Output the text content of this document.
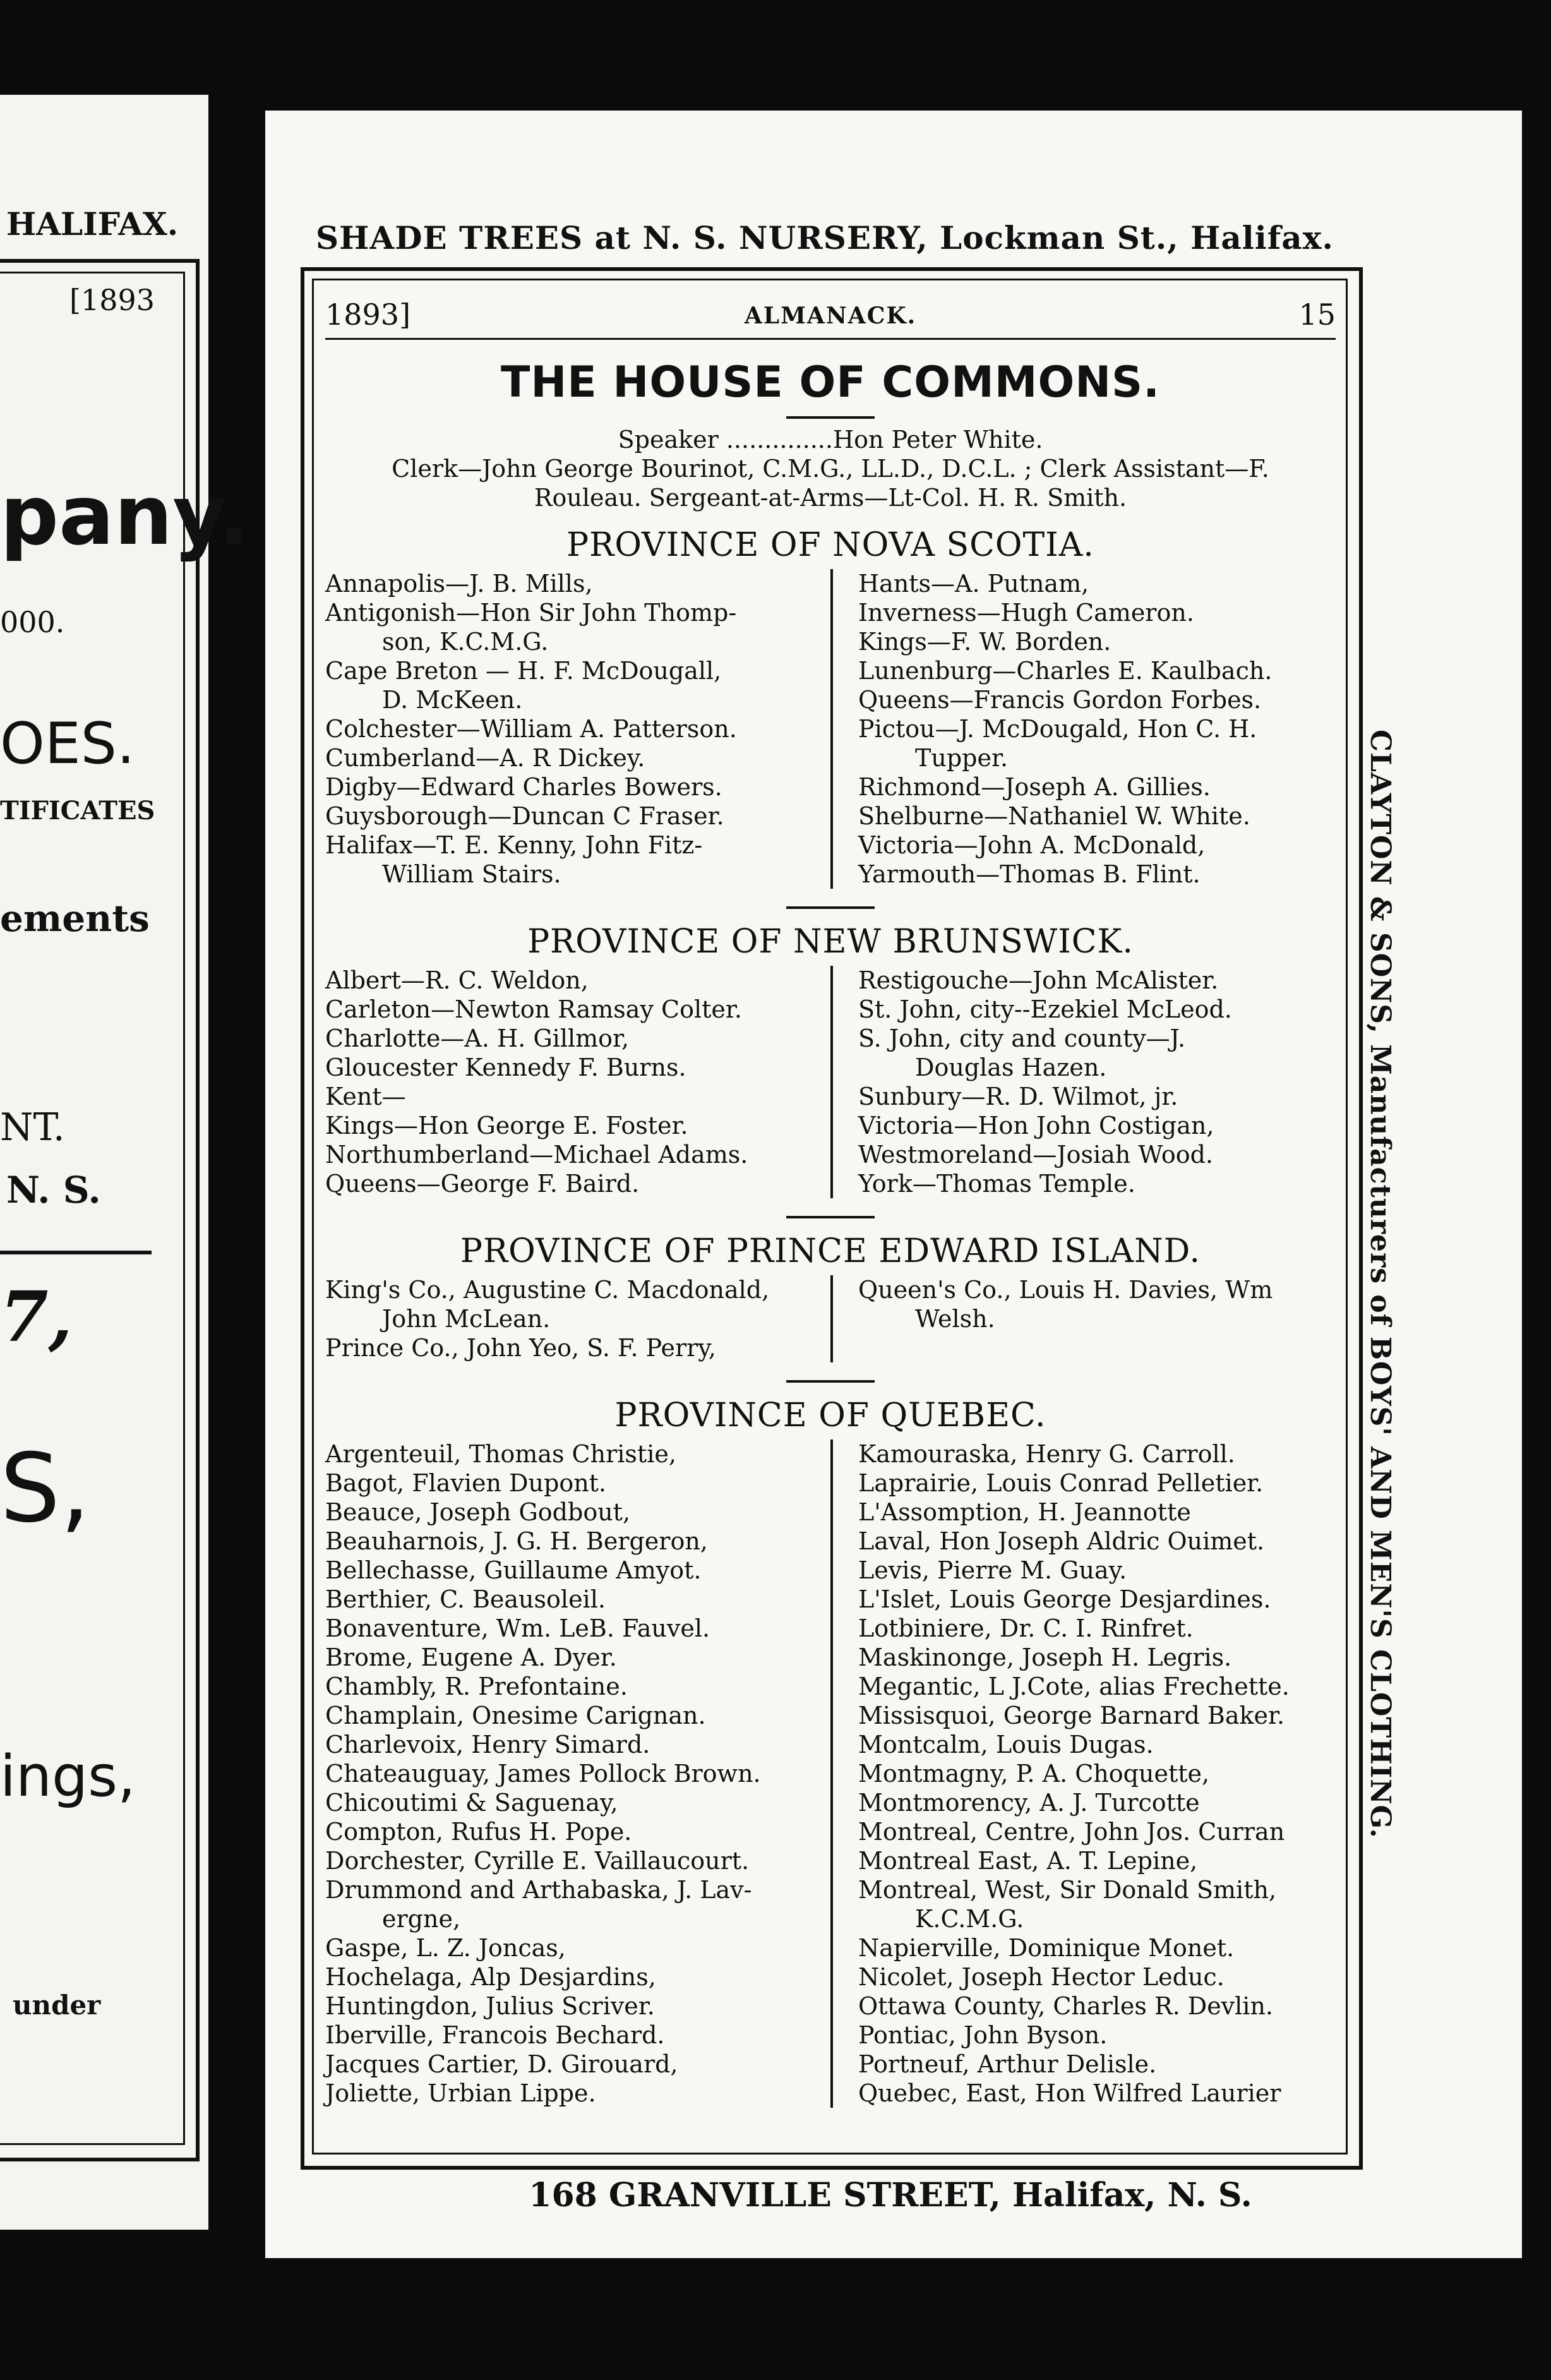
HALIFAX.
[1893
pany.
000.
OES.
TIFICATES
ements
NT.
N. S.
7,
S,
ings,
under
SHADE TREES at N. S. NURSERY, Lockman St., Halifax.
CLAYTON & SONS, Manufacturers of BOYS' AND MEN'S CLOTHING.
1893]	ALMANACK.	15
THE HOUSE OF COMMONS.
Speaker ..............Hon Peter White.
Clerk—John George Bourinot, C.M.G., LL.D., D.C.L. ; Clerk Assistant—F.
Rouleau. Sergeant-at-Arms—Lt-Col. H. R. Smith.
PROVINCE OF NOVA SCOTIA.
Annapolis—J. B. Mills,
Antigonish—Hon Sir John Thomp-
son, K.C.M.G.
Cape Breton — H. F. McDougall,
D. McKeen.
Colchester—William A. Patterson.
Cumberland—A. R Dickey.
Digby—Edward Charles Bowers.
Guysborough—Duncan C Fraser.
Halifax—T. E. Kenny, John Fitz-
William Stairs.
Hants—A. Putnam,
Inverness—Hugh Cameron.
Kings—F. W. Borden.
Lunenburg—Charles E. Kaulbach.
Queens—Francis Gordon Forbes.
Pictou—J. McDougald, Hon C. H.
Tupper.
Richmond—Joseph A. Gillies.
Shelburne—Nathaniel W. White.
Victoria—John A. McDonald,
Yarmouth—Thomas B. Flint.
PROVINCE OF NEW BRUNSWICK.
Albert—R. C. Weldon,
Carleton—Newton Ramsay Colter.
Charlotte—A. H. Gillmor,
Gloucester Kennedy F. Burns.
Kent—
Kings—Hon George E. Foster.
Northumberland—Michael Adams.
Queens—George F. Baird.
Restigouche—John McAlister.
St. John, city--Ezekiel McLeod.
S. John, city and county—J.
Douglas Hazen.
Sunbury—R. D. Wilmot, jr.
Victoria—Hon John Costigan,
Westmoreland—Josiah Wood.
York—Thomas Temple.
PROVINCE OF PRINCE EDWARD ISLAND.
King's Co., Augustine C. Macdonald,
John McLean.
Prince Co., John Yeo, S. F. Perry,
Queen's Co., Louis H. Davies, Wm
Welsh.
PROVINCE OF QUEBEC.
Argenteuil, Thomas Christie,
Bagot, Flavien Dupont.
Beauce, Joseph Godbout,
Beauharnois, J. G. H. Bergeron,
Bellechasse, Guillaume Amyot.
Berthier, C. Beausoleil.
Bonaventure, Wm. LeB. Fauvel.
Brome, Eugene A. Dyer.
Chambly, R. Prefontaine.
Champlain, Onesime Carignan.
Charlevoix, Henry Simard.
Chateauguay, James Pollock Brown.
Chicoutimi & Saguenay,
Compton, Rufus H. Pope.
Dorchester, Cyrille E. Vaillaucourt.
Drummond and Arthabaska, J. Lav-
ergne,
Gaspe, L. Z. Joncas,
Hochelaga, Alp Desjardins,
Huntingdon, Julius Scriver.
Iberville, Francois Bechard.
Jacques Cartier, D. Girouard,
Joliette, Urbian Lippe.
Kamouraska, Henry G. Carroll.
Laprairie, Louis Conrad Pelletier.
L'Assomption, H. Jeannotte
Laval, Hon Joseph Aldric Ouimet.
Levis, Pierre M. Guay.
L'Islet, Louis George Desjardines.
Lotbiniere, Dr. C. I. Rinfret.
Maskinonge, Joseph H. Legris.
Megantic, L J.Cote, alias Frechette.
Missisquoi, George Barnard Baker.
Montcalm, Louis Dugas.
Montmagny, P. A. Choquette,
Montmorency, A. J. Turcotte
Montreal, Centre, John Jos. Curran
Montreal East, A. T. Lepine,
Montreal, West, Sir Donald Smith,
K.C.M.G.
Napierville, Dominique Monet.
Nicolet, Joseph Hector Leduc.
Ottawa County, Charles R. Devlin.
Pontiac, John Byson.
Portneuf, Arthur Delisle.
Quebec, East, Hon Wilfred Laurier
168 GRANVILLE STREET, Halifax, N. S.
